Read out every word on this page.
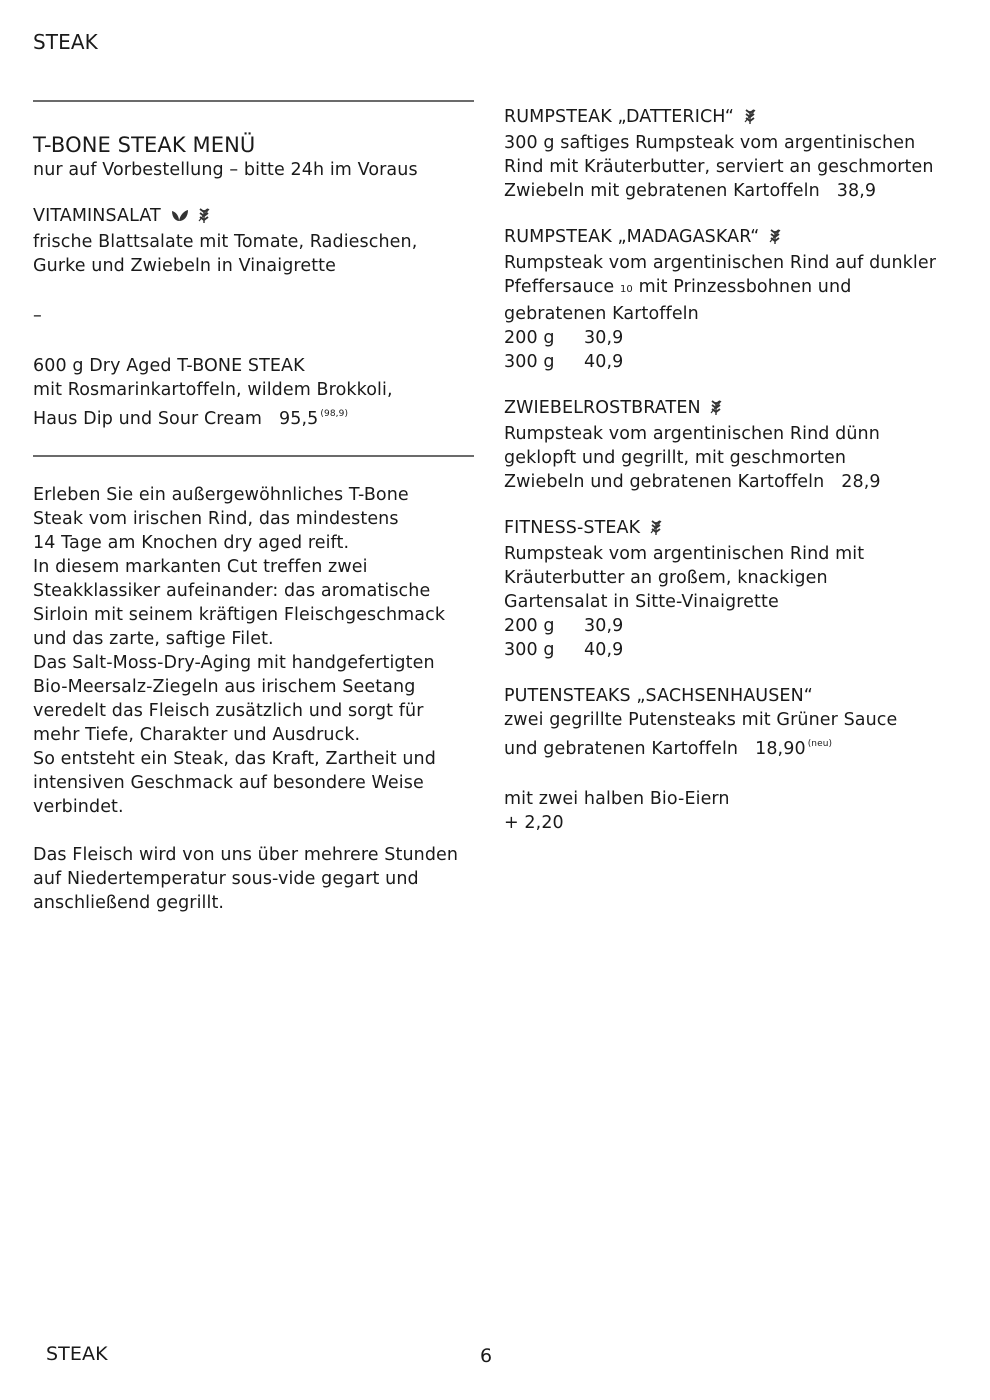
STEAK
T-BONE STEAK MENÜ
nur auf Vorbestellung – bitte 24h im Voraus
VITAMINSALAT
frische Blattsalate mit Tomate, Radieschen,
Gurke und Zwiebeln in Vinaigrette
–
600 g Dry Aged T-BONE STEAK
mit Rosmarinkartoffeln, wildem Brokkoli,
Haus Dip und Sour Cream   95,5 $^{(98,9)}$
Erleben Sie ein außergewöhnliches T-Bone
Steak vom irischen Rind, das mindestens
14 Tage am Knochen dry aged reift.
In diesem markanten Cut treffen zwei
Steakklassiker aufeinander: das aromatische
Sirloin mit seinem kräftigen Fleischgeschmack
und das zarte, saftige Filet.
Das Salt-Moss-Dry-Aging mit handgefertigten
Bio-Meersalz-Ziegeln aus irischem Seetang
veredelt das Fleisch zusätzlich und sorgt für
mehr Tiefe, Charakter und Ausdruck.
So entsteht ein Steak, das Kraft, Zartheit und
intensiven Geschmack auf besondere Weise
verbindet.
Das Fleisch wird von uns über mehrere Stunden
auf Niedertemperatur sous-vide gegart und
anschließend gegrillt.
RUMPSTEAK „DATTERICH“
300 g saftiges Rumpsteak vom argentinischen
Rind mit Kräuterbutter, serviert an geschmorten
Zwiebeln mit gebratenen Kartoffeln   38,9
RUMPSTEAK „MADAGASKAR“
Rumpsteak vom argentinischen Rind auf dunkler
Pfeffersauce 10 mit Prinzessbohnen und
gebratenen Kartoffeln
200 g	30,9
300 g	40,9
ZWIEBELROSTBRATEN
Rumpsteak vom argentinischen Rind dünn
geklopft und gegrillt, mit geschmorten
Zwiebeln und gebratenen Kartoffeln   28,9
FITNESS-STEAK
Rumpsteak vom argentinischen Rind mit
Kräuterbutter an großem, knackigen
Gartensalat in Sitte-Vinaigrette
200 g	30,9
300 g	40,9
PUTENSTEAKS „SACHSENHAUSEN“
zwei gegrillte Putensteaks mit Grüner Sauce
und gebratenen Kartoffeln   18,90 $^{(neu)}$
mit zwei halben Bio-Eiern
+ 2,20
STEAK	6
